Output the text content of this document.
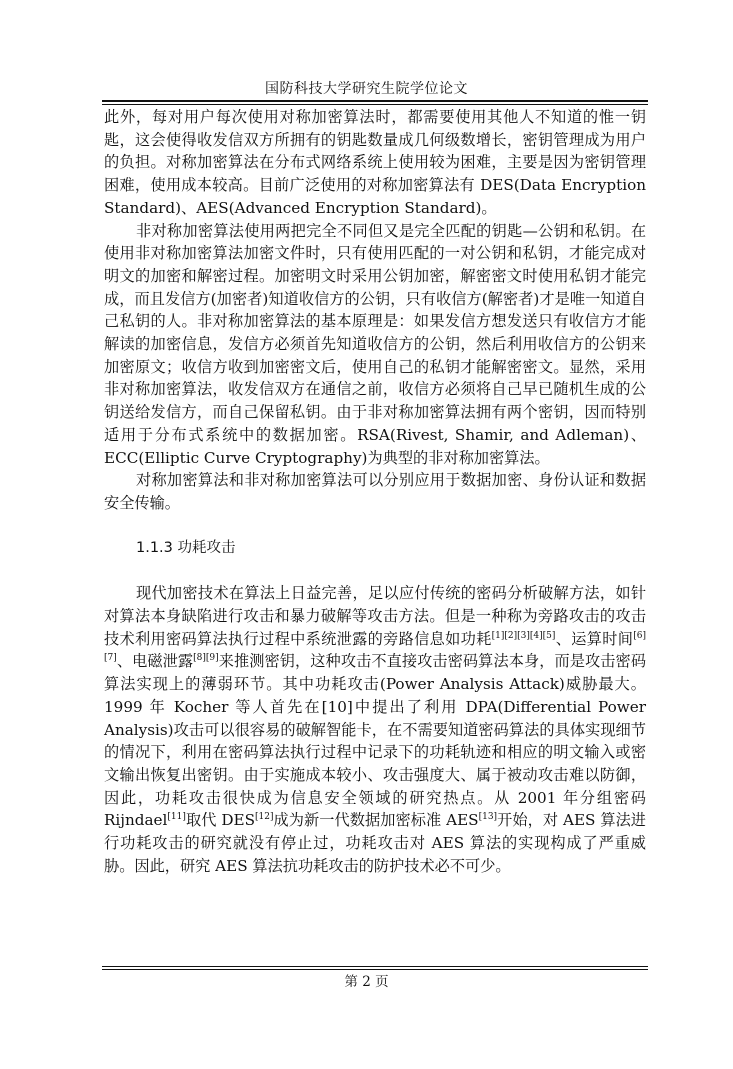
国防科技大学研究生院学位论文

此外，每对用户每次使用对称加密算法时，都需要使用其他人不知道的惟一钥匙，这会使得收发信双方所拥有的钥匙数量成几何级数增长，密钥管理成为用户的负担。对称加密算法在分布式网络系统上使用较为困难，主要是因为密钥管理困难，使用成本较高。目前广泛使用的对称加密算法有 DES(Data Encryption Standard)、AES(Advanced Encryption Standard)。

非对称加密算法使用两把完全不同但又是完全匹配的钥匙—公钥和私钥。在使用非对称加密算法加密文件时，只有使用匹配的一对公钥和私钥，才能完成对明文的加密和解密过程。加密明文时采用公钥加密，解密密文时使用私钥才能完成，而且发信方(加密者)知道收信方的公钥，只有收信方(解密者)才是唯一知道自己私钥的人。非对称加密算法的基本原理是：如果发信方想发送只有收信方才能解读的加密信息，发信方必须首先知道收信方的公钥，然后利用收信方的公钥来加密原文；收信方收到加密密文后，使用自己的私钥才能解密密文。显然，采用非对称加密算法，收发信双方在通信之前，收信方必须将自己早已随机生成的公钥送给发信方，而自己保留私钥。由于非对称加密算法拥有两个密钥，因而特别适用于分布式系统中的数据加密。RSA(Rivest, Shamir, and Adleman)、ECC(Elliptic Curve Cryptography)为典型的非对称加密算法。

对称加密算法和非对称加密算法可以分别应用于数据加密、身份认证和数据安全传输。

1.1.3 功耗攻击

现代加密技术在算法上日益完善，足以应付传统的密码分析破解方法，如针对算法本身缺陷进行攻击和暴力破解等攻击方法。但是一种称为旁路攻击的攻击技术利用密码算法执行过程中系统泄露的旁路信息如功耗[1][2][3][4][5]、运算时间[6][7]、电磁泄露[8][9]来推测密钥，这种攻击不直接攻击密码算法本身，而是攻击密码算法实现上的薄弱环节。其中功耗攻击(Power Analysis Attack)威胁最大。1999 年 Kocher 等人首先在[10]中提出了利用 DPA(Differential Power Analysis)攻击可以很容易的破解智能卡，在不需要知道密码算法的具体实现细节的情况下，利用在密码算法执行过程中记录下的功耗轨迹和相应的明文输入或密文输出恢复出密钥。由于实施成本较小、攻击强度大、属于被动攻击难以防御，因此，功耗攻击很快成为信息安全领域的研究热点。从 2001 年分组密码 Rijndael[11]取代 DES[12]成为新一代数据加密标准 AES[13]开始，对 AES 算法进行功耗攻击的研究就没有停止过，功耗攻击对 AES 算法的实现构成了严重威胁。因此，研究 AES 算法抗功耗攻击的防护技术必不可少。

第 2 页
